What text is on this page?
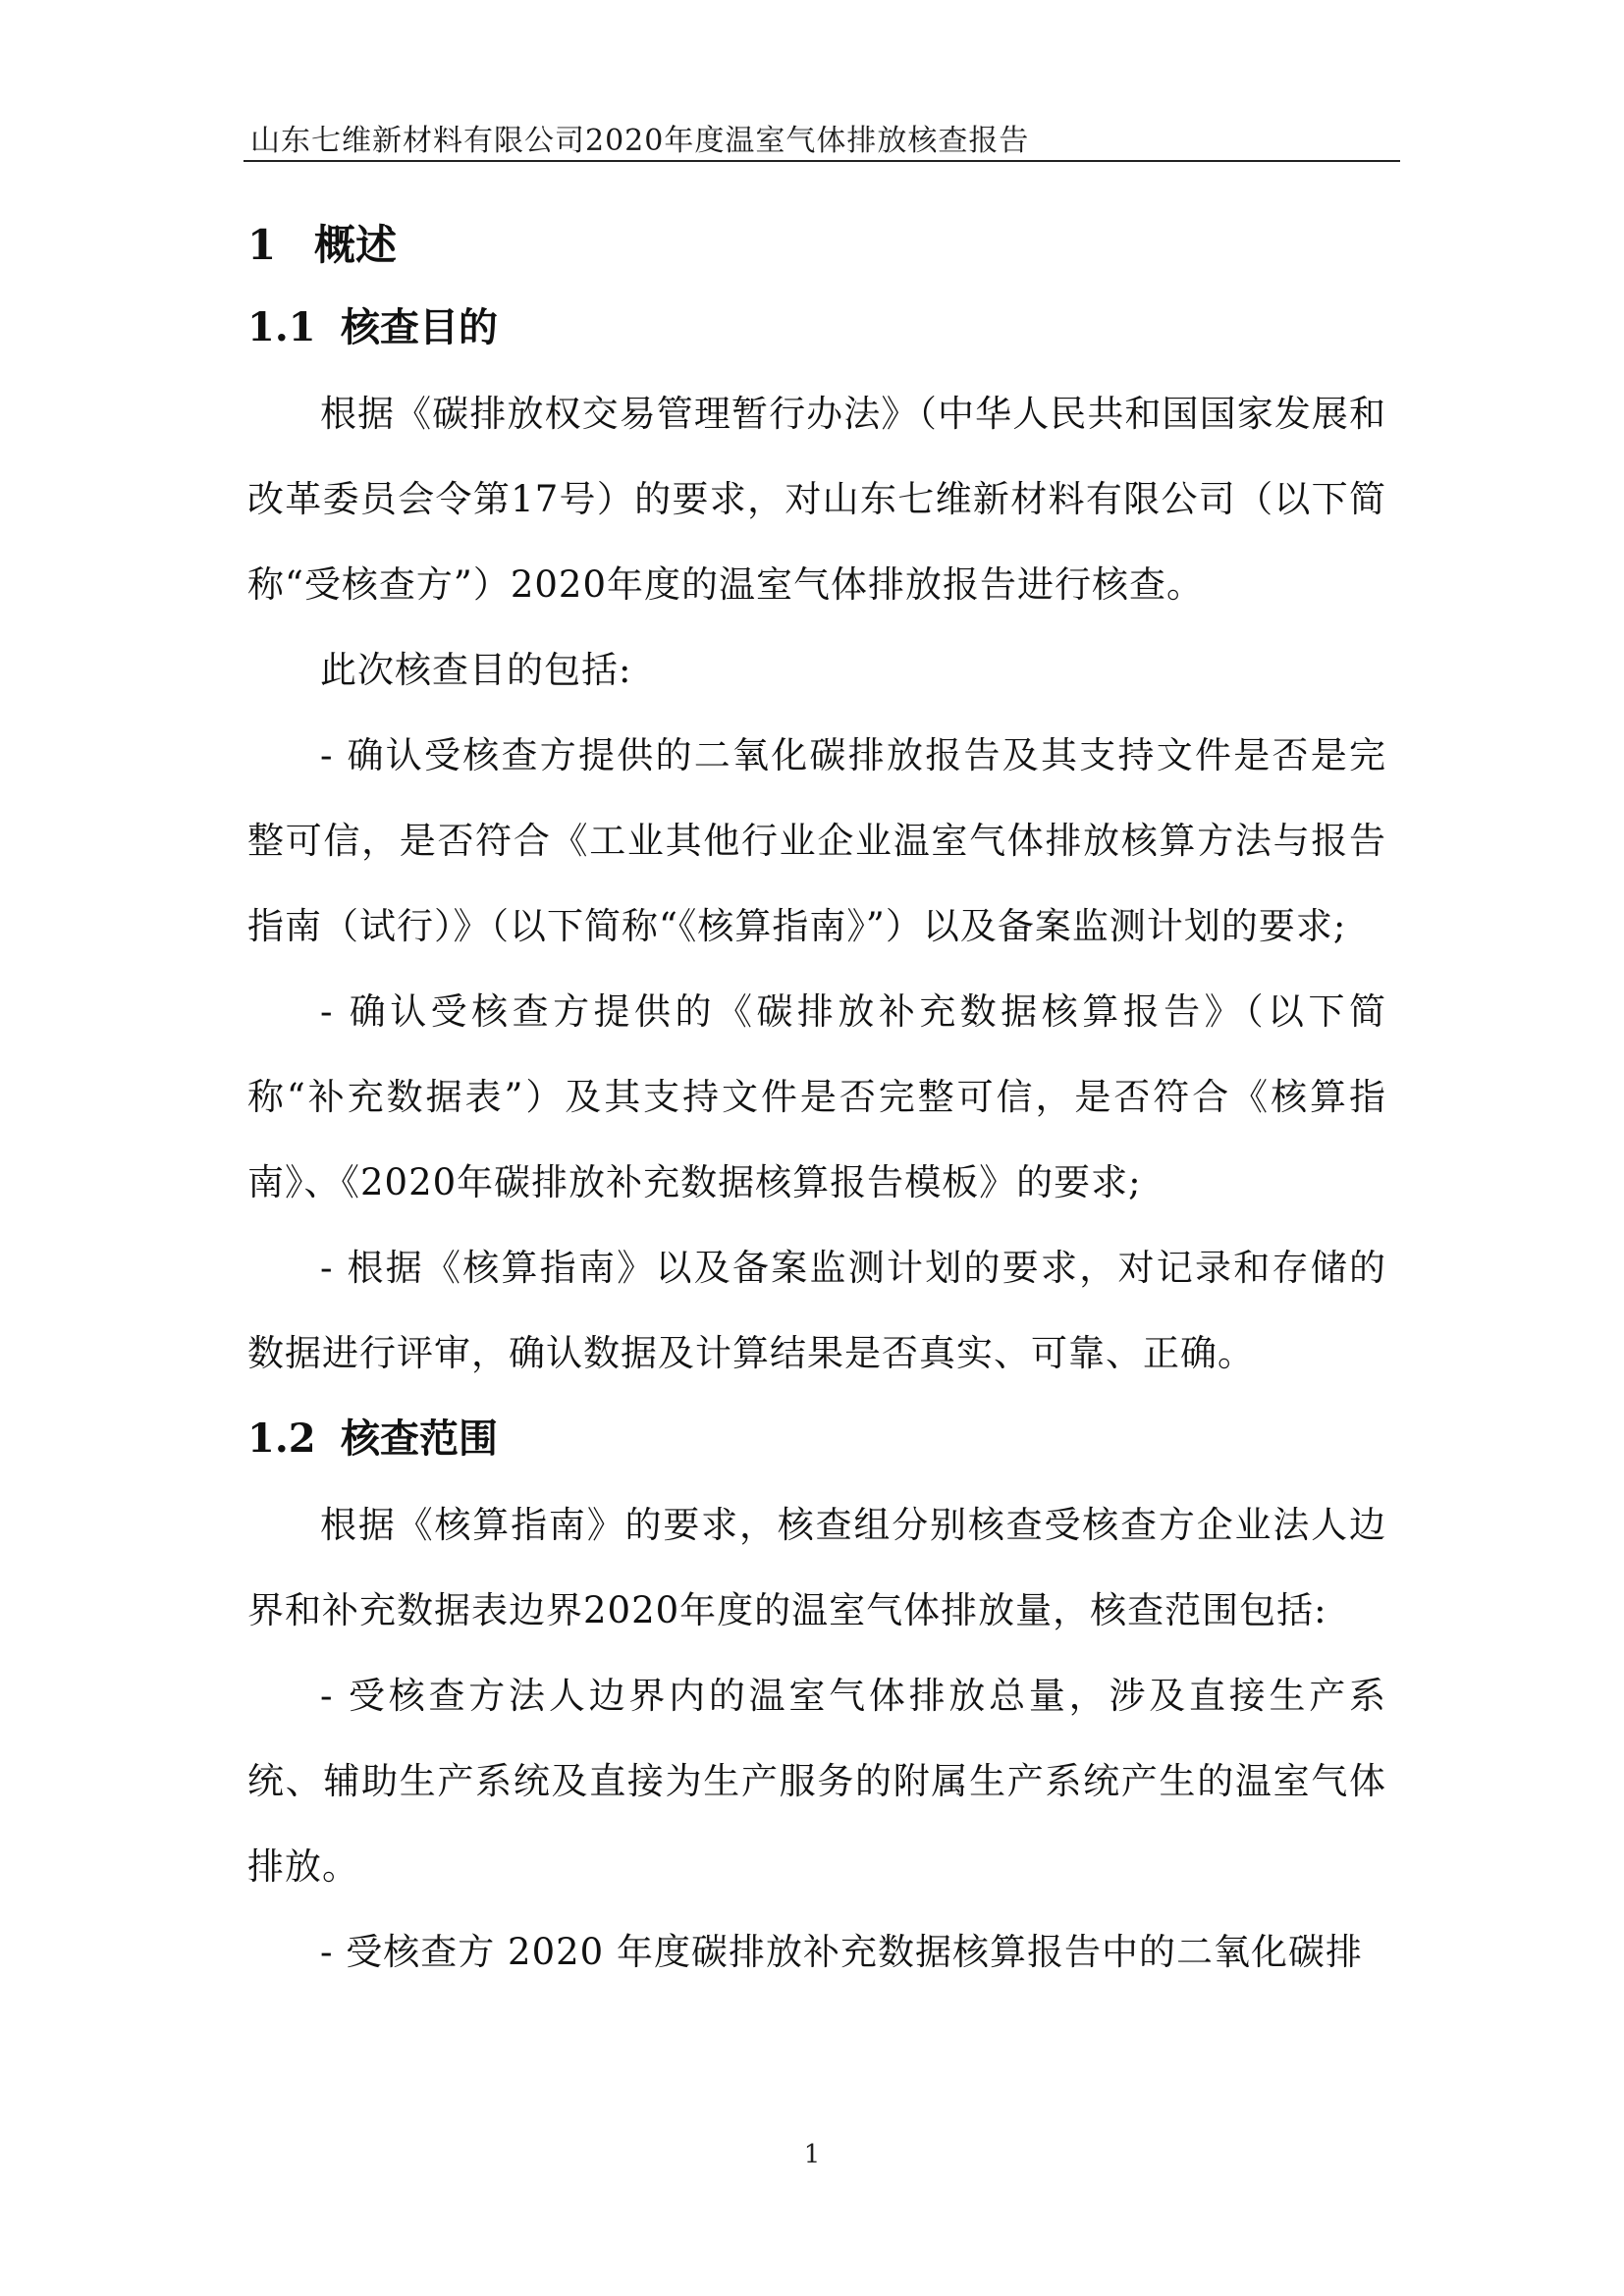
山东七维新材料有限公司2020年度温室气体排放核查报告
1 概述
1.1 核查目的

根据《碳排放权交易管理暂行办法》（中华人民共和国国家发展和改革委员会令第17号）的要求，对山东七维新材料有限公司（以下简称“受核查方”）2020年度的温室气体排放报告进行核查。

此次核查目的包括:

- 确认受核查方提供的二氧化碳排放报告及其支持文件是否是完整可信，是否符合《工业其他行业企业温室气体排放核算方法与报告指南（试行）》（以下简称“《核算指南》”）以及备案监测计划的要求;

- 确认受核查方提供的《碳排放补充数据核算报告》（以下简称“补充数据表”）及其支持文件是否完整可信，是否符合《核算指南》、《2020年碳排放补充数据核算报告模板》的要求;

- 根据《核算指南》以及备案监测计划的要求，对记录和存储的数据进行评审，确认数据及计算结果是否真实、可靠、正确。

1.2 核查范围

根据《核算指南》的要求，核查组分别核查受核查方企业法人边界和补充数据表边界2020年度的温室气体排放量，核查范围包括:

- 受核查方法人边界内的温室气体排放总量，涉及直接生产系统、辅助生产系统及直接为生产服务的附属生产系统产生的温室气体排放。

- 受核查方 2020 年度碳排放补充数据核算报告中的二氧化碳排

1
